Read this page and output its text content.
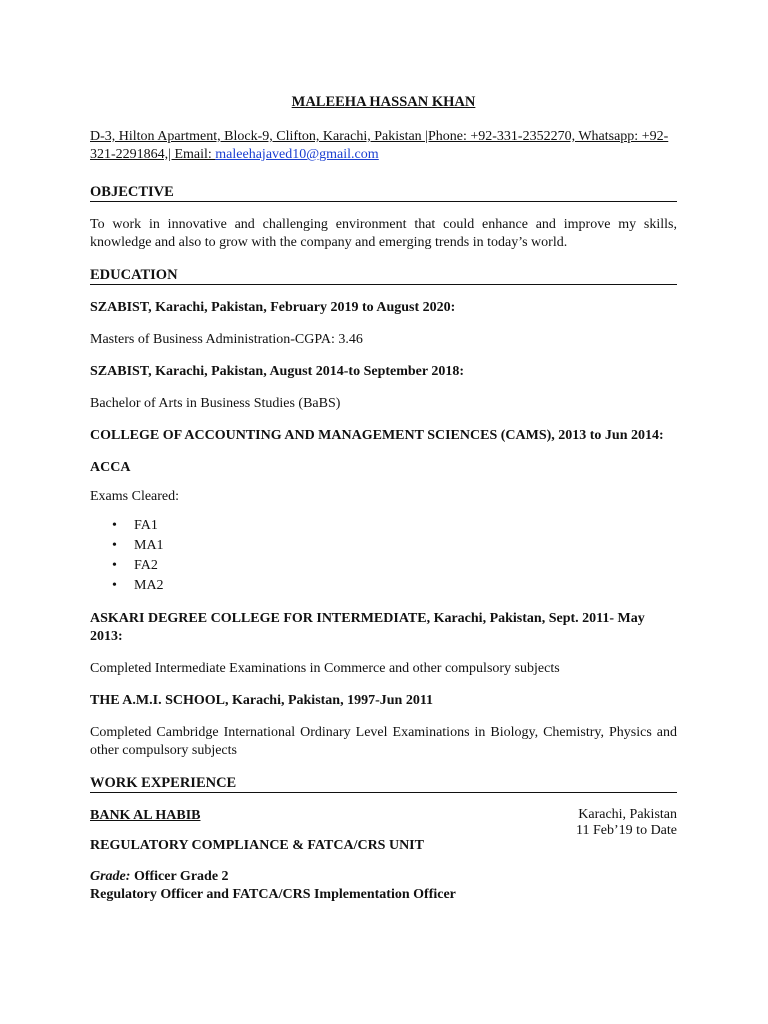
MALEEHA HASSAN KHAN
D-3, Hilton Apartment, Block-9, Clifton, Karachi, Pakistan |Phone: +92-331-2352270, Whatsapp: +92-321-2291864,| Email: maleehajaved10@gmail.com
OBJECTIVE
To work in innovative and challenging environment that could enhance and improve my skills, knowledge and also to grow with the company and emerging trends in today’s world.
EDUCATION
SZABIST, Karachi, Pakistan, February 2019 to August 2020:
Masters of Business Administration-CGPA: 3.46
SZABIST, Karachi, Pakistan, August 2014-to September 2018:
Bachelor of Arts in Business Studies (BaBS)
COLLEGE OF ACCOUNTING AND MANAGEMENT SCIENCES (CAMS), 2013 to Jun 2014:
ACCA
Exams Cleared:
• FA1
• MA1
• FA2
• MA2
ASKARI DEGREE COLLEGE FOR INTERMEDIATE, Karachi, Pakistan, Sept. 2011- May 2013:
Completed Intermediate Examinations in Commerce and other compulsory subjects
THE A.M.I. SCHOOL, Karachi, Pakistan, 1997-Jun 2011
Completed Cambridge International Ordinary Level Examinations in Biology, Chemistry, Physics and other compulsory subjects
WORK EXPERIENCE
BANK AL HABIB	Karachi, Pakistan
11 Feb’19 to Date
REGULATORY COMPLIANCE & FATCA/CRS UNIT
Grade: Officer Grade 2
Regulatory Officer and FATCA/CRS Implementation Officer
